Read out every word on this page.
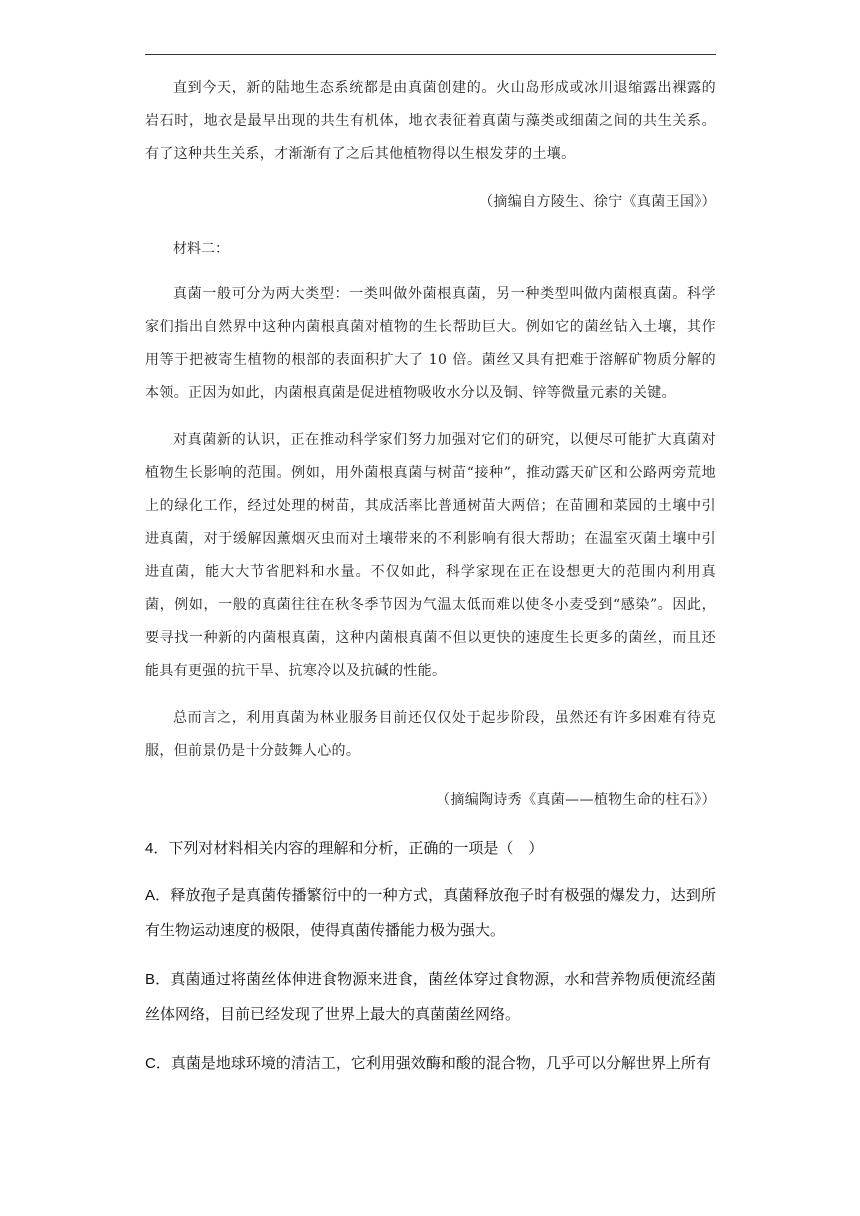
直到今天，新的陆地生态系统都是由真菌创建的。火山岛形成或冰川退缩露出裸露的岩石时，地衣是最早出现的共生有机体，地衣表征着真菌与藻类或细菌之间的共生关系。有了这种共生关系，才渐渐有了之后其他植物得以生根发芽的土壤。

（摘编自方陵生、徐宁《真菌王国》）

材料二：

真菌一般可分为两大类型：一类叫做外菌根真菌，另一种类型叫做内菌根真菌。科学家们指出自然界中这种内菌根真菌对植物的生长帮助巨大。例如它的菌丝钻入土壤，其作用等于把被寄生植物的根部的表面积扩大了 10 倍。菌丝又具有把难于溶解矿物质分解的本领。正因为如此，内菌根真菌是促进植物吸收水分以及铜、锌等微量元素的关键。

对真菌新的认识，正在推动科学家们努力加强对它们的研究，以便尽可能扩大真菌对植物生长影响的范围。例如，用外菌根真菌与树苗“接种”，推动露天矿区和公路两旁荒地上的绿化工作，经过处理的树苗，其成活率比普通树苗大两倍；在苗圃和菜园的土壤中引进真菌，对于缓解因薰烟灭虫而对土壤带来的不利影响有很大帮助；在温室灭菌土壤中引进直菌，能大大节省肥料和水量。不仅如此，科学家现在正在设想更大的范围内利用真菌，例如，一般的真菌往往在秋冬季节因为气温太低而难以使冬小麦受到“感染”。因此，要寻找一种新的内菌根真菌，这种内菌根真菌不但以更快的速度生长更多的菌丝，而且还能具有更强的抗干旱、抗寒冷以及抗碱的性能。

总而言之，利用真菌为林业服务目前还仅仅处于起步阶段，虽然还有许多困难有待克服，但前景仍是十分鼓舞人心的。

（摘编陶诗秀《真菌——植物生命的柱石》）

4．下列对材料相关内容的理解和分析，正确的一项是（　）

A．释放孢子是真菌传播繁衍中的一种方式，真菌释放孢子时有极强的爆发力，达到所有生物运动速度的极限，使得真菌传播能力极为强大。

B．真菌通过将菌丝体伸进食物源来进食，菌丝体穿过食物源，水和营养物质便流经菌丝体网络，目前已经发现了世界上最大的真菌菌丝网络。

C．真菌是地球环境的清洁工，它利用强效酶和酸的混合物，几乎可以分解世界上所有
